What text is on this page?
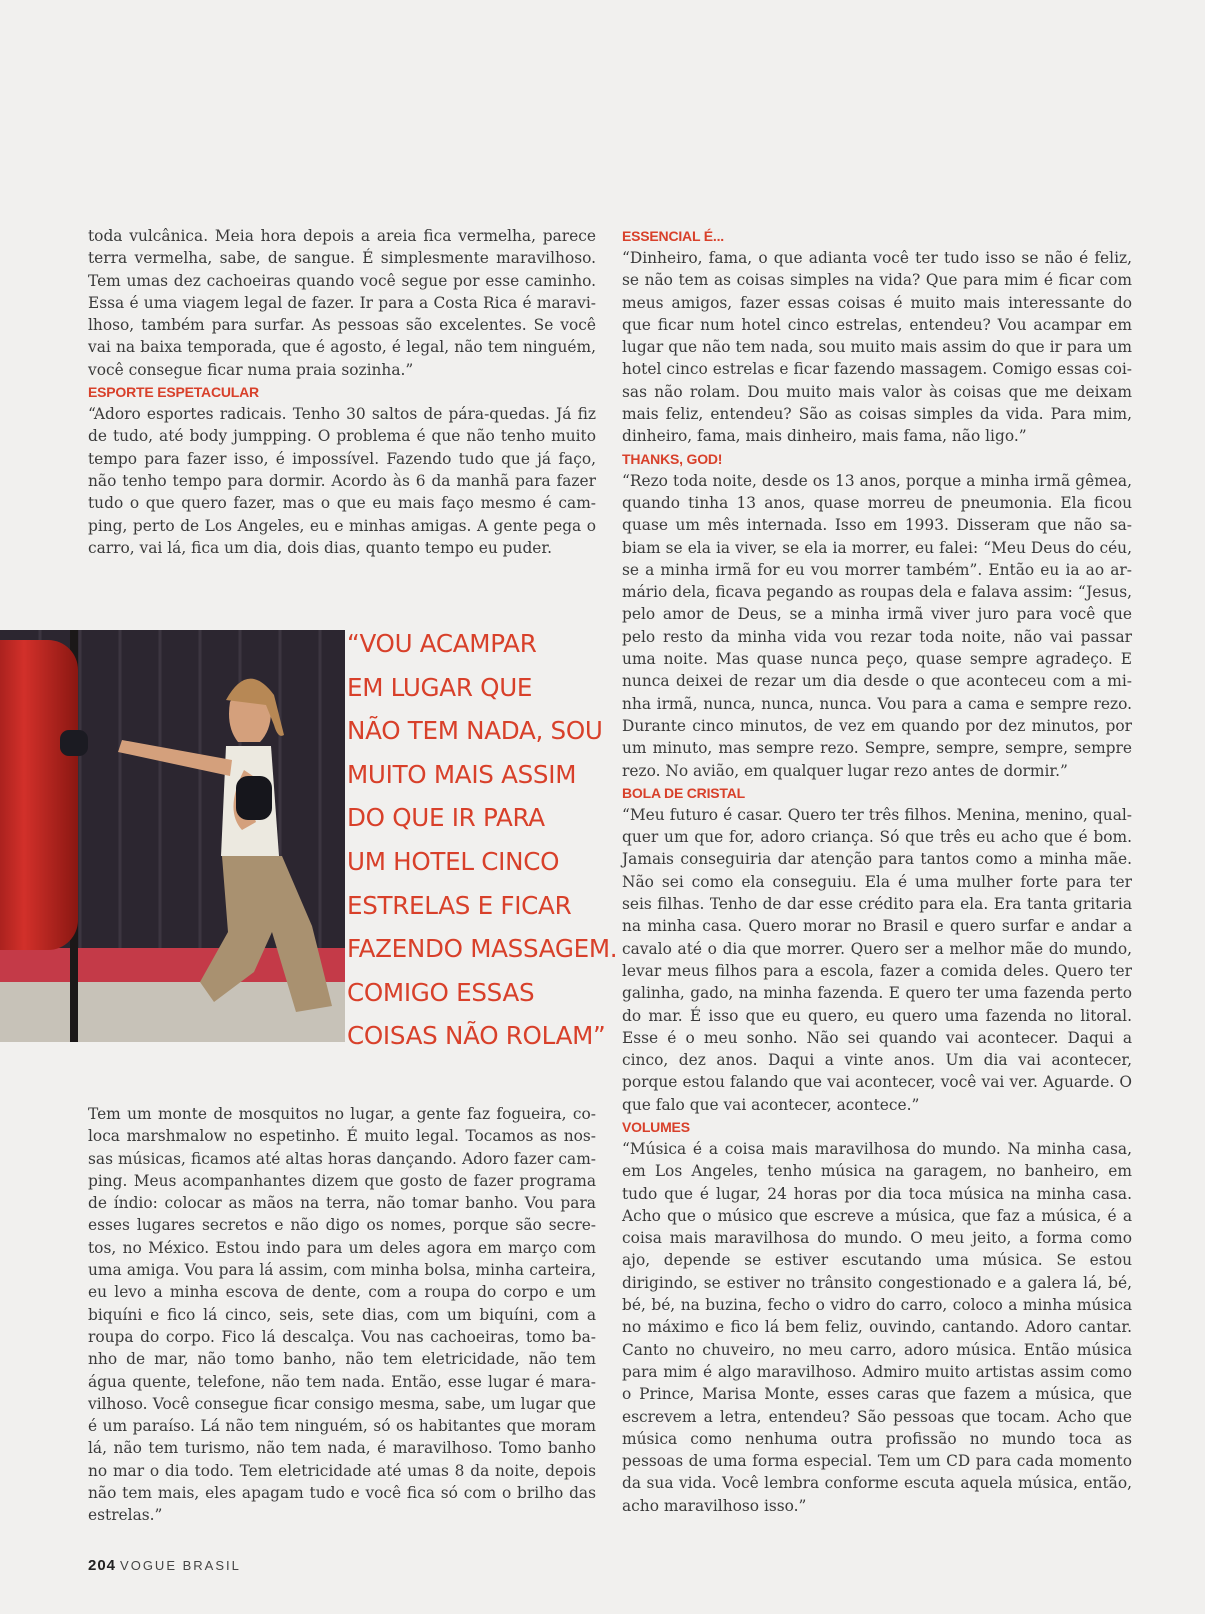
toda vulcânica. Meia hora depois a areia fica vermelha, parece terra vermelha, sabe, de sangue. É simplesmente maravilhoso. Tem umas dez cachoeiras quando você segue por esse caminho. Essa é uma viagem legal de fazer. Ir para a Costa Rica é maravilhoso, também para surfar. As pessoas são excelentes. Se você vai na baixa temporada, que é agosto, é legal, não tem ninguém, você consegue ficar numa praia sozinha.”

ESPORTE ESPETACULAR

“Adoro esportes radicais. Tenho 30 saltos de pára-quedas. Já fiz de tudo, até body jumpping. O problema é que não tenho muito tempo para fazer isso, é impossível. Fazendo tudo que já faço, não tenho tempo para dormir. Acordo às 6 da manhã para fazer tudo o que quero fazer, mas o que eu mais faço mesmo é camping, perto de Los Angeles, eu e minhas amigas. A gente pega o carro, vai lá, fica um dia, dois dias, quanto tempo eu puder.

“VOU ACAMPAR
EM LUGAR QUE
NÃO TEM NADA, SOU
MUITO MAIS ASSIM
DO QUE IR PARA
UM HOTEL CINCO
ESTRELAS E FICAR
FAZENDO MASSAGEM.
COMIGO ESSAS
COISAS NÃO ROLAM”

Tem um monte de mosquitos no lugar, a gente faz fogueira, coloca marshmalow no espetinho. É muito legal. Tocamos as nossas músicas, ficamos até altas horas dançando. Adoro fazer camping. Meus acompanhantes dizem que gosto de fazer programa de índio: colocar as mãos na terra, não tomar banho. Vou para esses lugares secretos e não digo os nomes, porque são secretos, no México. Estou indo para um deles agora em março com uma amiga. Vou para lá assim, com minha bolsa, minha carteira, eu levo a minha escova de dente, com a roupa do corpo e um biquíni e fico lá cinco, seis, sete dias, com um biquíni, com a roupa do corpo. Fico lá descalça. Vou nas cachoeiras, tomo banho de mar, não tomo banho, não tem eletricidade, não tem água quente, telefone, não tem nada. Então, esse lugar é maravilhoso. Você consegue ficar consigo mesma, sabe, um lugar que é um paraíso. Lá não tem ninguém, só os habitantes que moram lá, não tem turismo, não tem nada, é maravilhoso. Tomo banho no mar o dia todo. Tem eletricidade até umas 8 da noite, depois não tem mais, eles apagam tudo e você fica só com o brilho das estrelas.”

ESSENCIAL É...

“Dinheiro, fama, o que adianta você ter tudo isso se não é feliz, se não tem as coisas simples na vida? Que para mim é ficar com meus amigos, fazer essas coisas é muito mais interessante do que ficar num hotel cinco estrelas, entendeu? Vou acampar em lugar que não tem nada, sou muito mais assim do que ir para um hotel cinco estrelas e ficar fazendo massagem. Comigo essas coisas não rolam. Dou muito mais valor às coisas que me deixam mais feliz, entendeu? São as coisas simples da vida. Para mim, dinheiro, fama, mais dinheiro, mais fama, não ligo.”

THANKS, GOD!

“Rezo toda noite, desde os 13 anos, porque a minha irmã gêmea, quando tinha 13 anos, quase morreu de pneumonia. Ela ficou quase um mês internada. Isso em 1993. Disseram que não sabiam se ela ia viver, se ela ia morrer, eu falei: “Meu Deus do céu, se a minha irmã for eu vou morrer também”. Então eu ia ao armário dela, ficava pegando as roupas dela e falava assim: “Jesus, pelo amor de Deus, se a minha irmã viver juro para você que pelo resto da minha vida vou rezar toda noite, não vai passar uma noite. Mas quase nunca peço, quase sempre agradeço. E nunca deixei de rezar um dia desde o que aconteceu com a minha irmã, nunca, nunca, nunca. Vou para a cama e sempre rezo. Durante cinco minutos, de vez em quando por dez minutos, por um minuto, mas sempre rezo. Sempre, sempre, sempre, sempre rezo. No avião, em qualquer lugar rezo antes de dormir.”

BOLA DE CRISTAL

“Meu futuro é casar. Quero ter três filhos. Menina, menino, qualquer um que for, adoro criança. Só que três eu acho que é bom. Jamais conseguiria dar atenção para tantos como a minha mãe. Não sei como ela conseguiu. Ela é uma mulher forte para ter seis filhas. Tenho de dar esse crédito para ela. Era tanta gritaria na minha casa. Quero morar no Brasil e quero surfar e andar a cavalo até o dia que morrer. Quero ser a melhor mãe do mundo, levar meus filhos para a escola, fazer a comida deles. Quero ter galinha, gado, na minha fazenda. E quero ter uma fazenda perto do mar. É isso que eu quero, eu quero uma fazenda no litoral. Esse é o meu sonho. Não sei quando vai acontecer. Daqui a cinco, dez anos. Daqui a vinte anos. Um dia vai acontecer, porque estou falando que vai acontecer, você vai ver. Aguarde. O que falo que vai acontecer, acontece.”

VOLUMES

“Música é a coisa mais maravilhosa do mundo. Na minha casa, em Los Angeles, tenho música na garagem, no banheiro, em tudo que é lugar, 24 horas por dia toca música na minha casa. Acho que o músico que escreve a música, que faz a música, é a coisa mais maravilhosa do mundo. O meu jeito, a forma como ajo, depende se estiver escutando uma música. Se estou dirigindo, se estiver no trânsito congestionado e a galera lá, bé, bé, bé, na buzina, fecho o vidro do carro, coloco a minha música no máximo e fico lá bem feliz, ouvindo, cantando. Adoro cantar. Canto no chuveiro, no meu carro, adoro música. Então música para mim é algo maravilhoso. Admiro muito artistas assim como o Prince, Marisa Monte, esses caras que fazem a música, que escrevem a letra, entendeu? São pessoas que tocam. Acho que música como nenhuma outra profissão no mundo toca as pessoas de uma forma especial. Tem um CD para cada momento da sua vida. Você lembra conforme escuta aquela música, então, acho maravilhoso isso.”

204 VOGUE BRASIL
